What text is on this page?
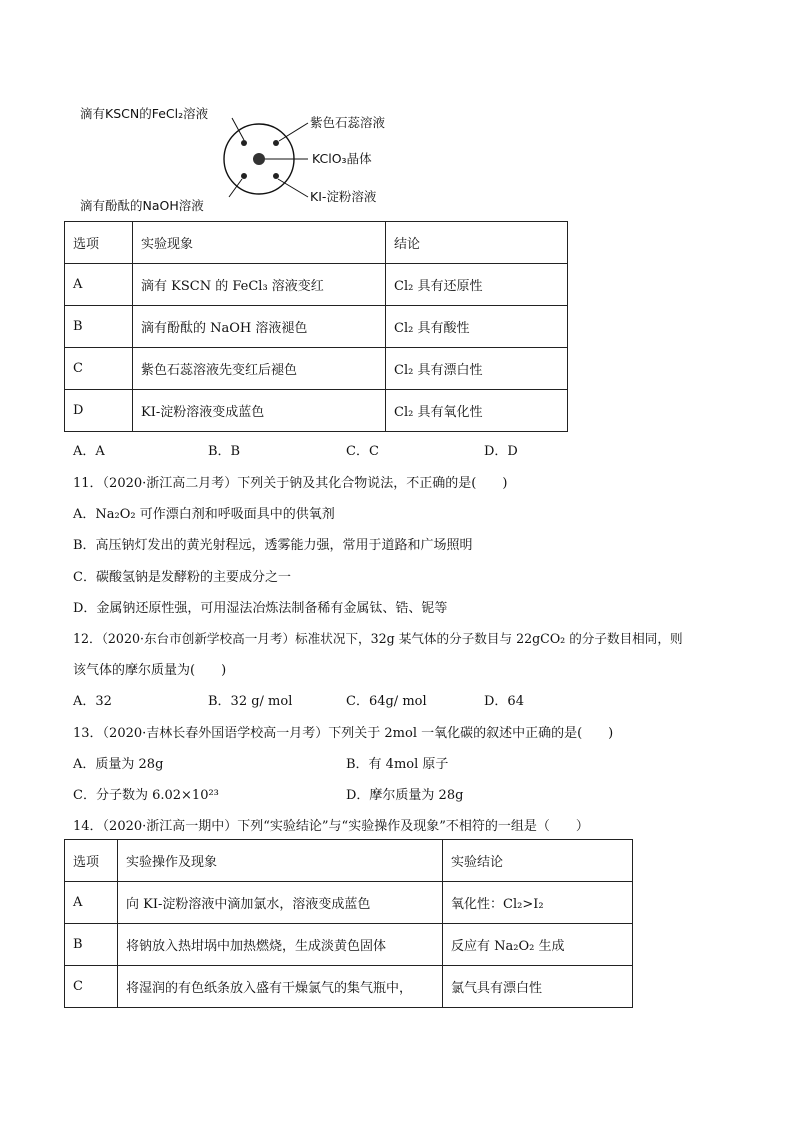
滴有KSCN的FeCl₂溶液
紫色石蕊溶液
KClO₃晶体
滴有酚酞的NaOH溶液
KI-淀粉溶液
选项	实验现象	结论
A	滴有 KSCN 的 FeCl₃ 溶液变红	Cl₂ 具有还原性
B	滴有酚酞的 NaOH 溶液褪色	Cl₂ 具有酸性
C	紫色石蕊溶液先变红后褪色	Cl₂ 具有漂白性
D	KI-淀粉溶液变成蓝色	Cl₂ 具有氧化性
A．A	B．B	C．C	D．D
11．（2020·浙江高二月考）下列关于钠及其化合物说法，不正确的是(　　)
A．Na₂O₂ 可作漂白剂和呼吸面具中的供氧剂
B．高压钠灯发出的黄光射程远，透雾能力强，常用于道路和广场照明
C．碳酸氢钠是发酵粉的主要成分之一
D．金属钠还原性强，可用湿法冶炼法制备稀有金属钛、锆、铌等
12．（2020·东台市创新学校高一月考）标准状况下，32g 某气体的分子数目与 22gCO₂ 的分子数目相同，则
该气体的摩尔质量为(　　)
A．32	B．32 g/ mol	C．64g/ mol	D．64
13．（2020·吉林长春外国语学校高一月考）下列关于 2mol 一氧化碳的叙述中正确的是(　　)
A．质量为 28g	B．有 4mol 原子
C．分子数为 6.02×10²³	D．摩尔质量为 28g
14．（2020·浙江高一期中）下列“实验结论”与“实验操作及现象”不相符的一组是（　　）
选项	实验操作及现象	实验结论
A	向 KI-淀粉溶液中滴加氯水，溶液变成蓝色	氧化性：Cl₂>I₂
B	将钠放入热坩埚中加热燃烧，生成淡黄色固体	反应有 Na₂O₂ 生成
C	将湿润的有色纸条放入盛有干燥氯气的集气瓶中，	氯气具有漂白性
